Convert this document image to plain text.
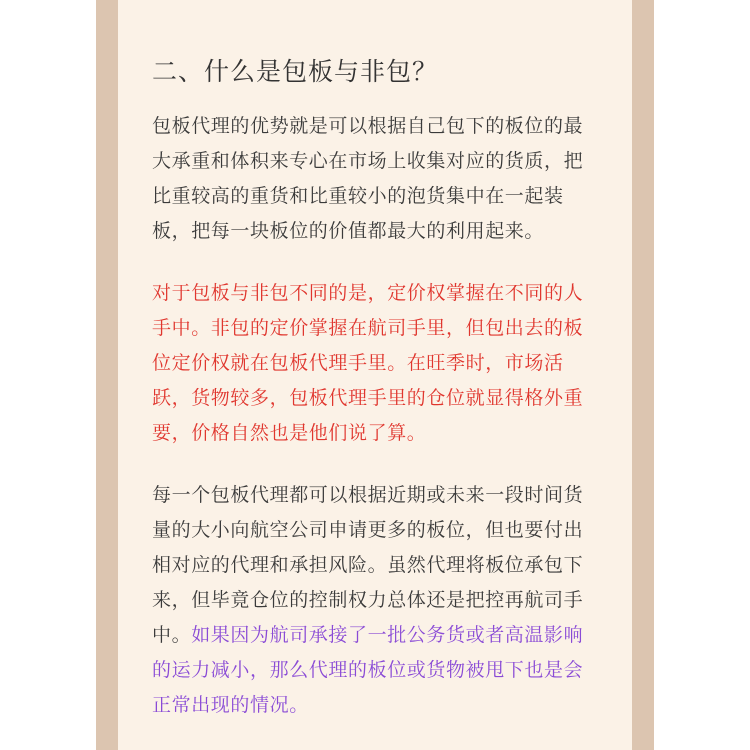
二、什么是包板与非包？

包板代理的优势就是可以根据自己包下的板位的最大承重和体积来专心在市场上收集对应的货质，把比重较高的重货和比重较小的泡货集中在一起装板，把每一块板位的价值都最大的利用起来。

对于包板与非包不同的是，定价权掌握在不同的人手中。非包的定价掌握在航司手里，但包出去的板位定价权就在包板代理手里。在旺季时，市场活跃，货物较多，包板代理手里的仓位就显得格外重要，价格自然也是他们说了算。

每一个包板代理都可以根据近期或未来一段时间货量的大小向航空公司申请更多的板位，但也要付出相对应的代理和承担风险。虽然代理将板位承包下来，但毕竟仓位的控制权力总体还是把控再航司手中。如果因为航司承接了一批公务货或者高温影响的运力减小，那么代理的板位或货物被甩下也是会正常出现的情况。
